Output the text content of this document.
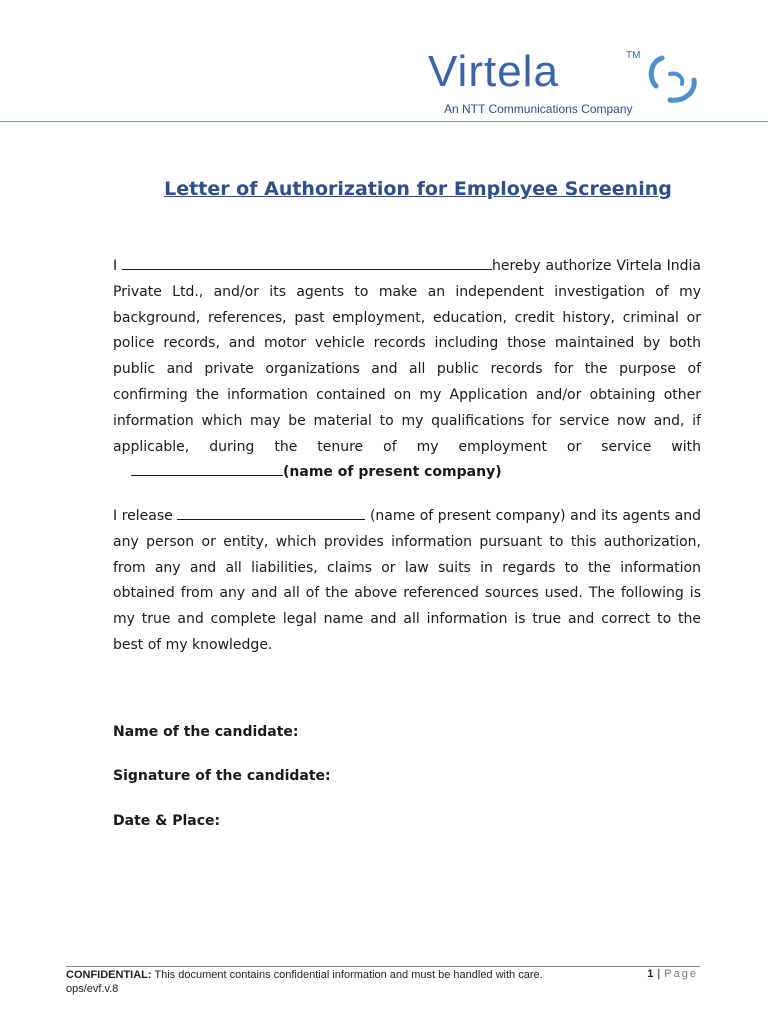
Virtela	TM
An NTT Communications Company
Letter of Authorization for Employee Screening
I	hereby authorize Virtela India Private Ltd., and/or its agents to make an independent investigation of my background, references, past employment, education, credit history, criminal or police records, and motor vehicle records including those maintained by both public and private organizations and all public records for the purpose of confirming the information contained on my Application and/or obtaining other information which may be material to my qualifications for service now and, if applicable, during the tenure of my employment or service with (name of present company)
I release	(name of present company) and its agents and any person or entity, which provides information pursuant to this authorization, from any and all liabilities, claims or law suits in regards to the information obtained from any and all of the above referenced sources used. The following is my true and complete legal name and all information is true and correct to the best of my knowledge.
Name of the candidate:
Signature of the candidate:
Date & Place:
CONFIDENTIAL: This document contains confidential information and must be handled with care.
ops/evf.v.8
1 | Page
